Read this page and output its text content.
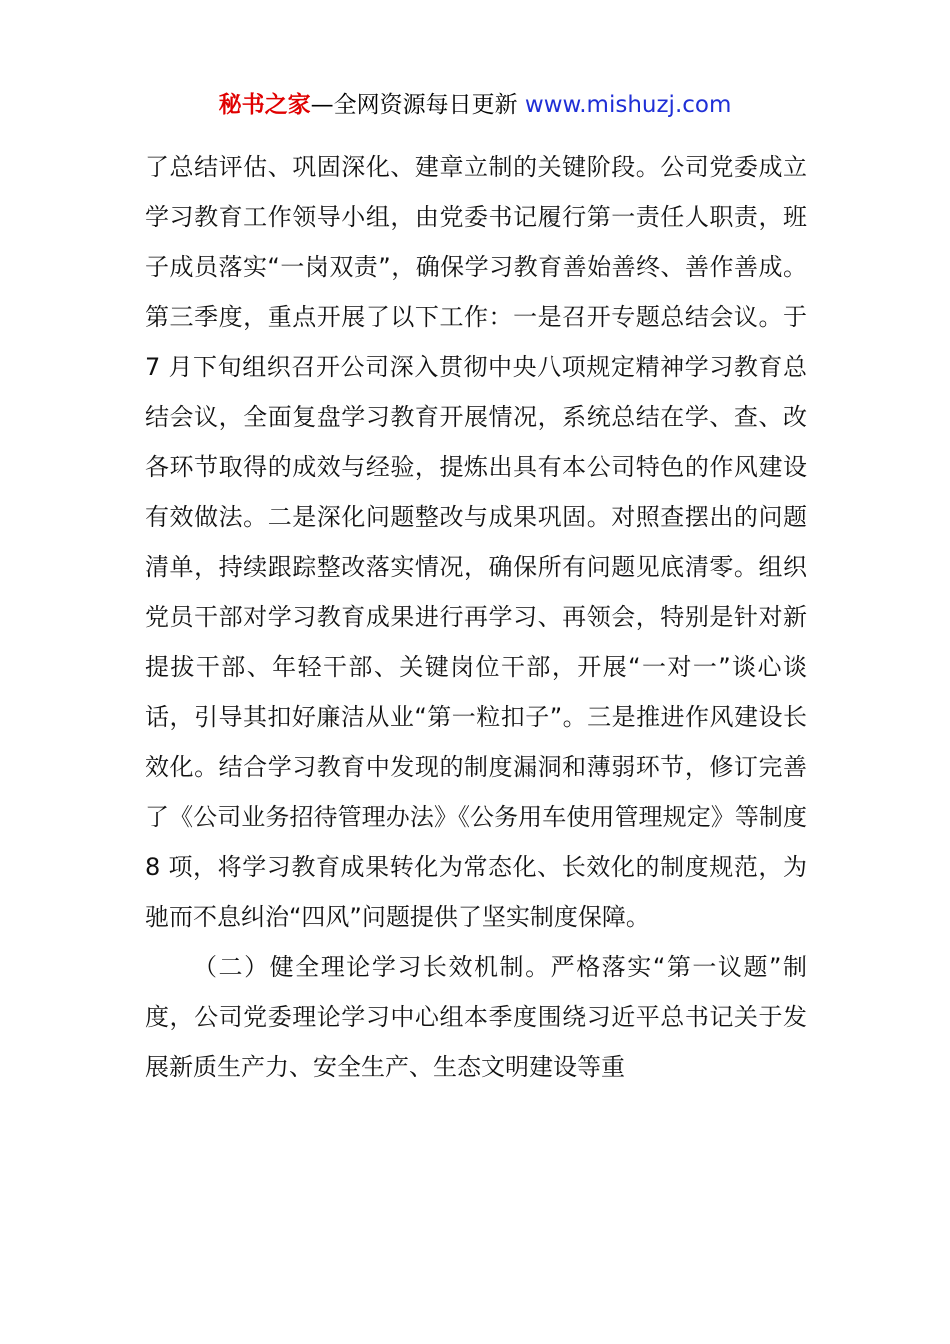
秘书之家—全网资源每日更新 www.mishuzj.com

了总结评估、巩固深化、建章立制的关键阶段。公司党委成立学习教育工作领导小组，由党委书记履行第一责任人职责，班子成员落实“一岗双责”，确保学习教育善始善终、善作善成。第三季度，重点开展了以下工作：一是召开专题总结会议。于 7 月下旬组织召开公司深入贯彻中央八项规定精神学习教育总结会议，全面复盘学习教育开展情况，系统总结在学、查、改各环节取得的成效与经验，提炼出具有本公司特色的作风建设有效做法。二是深化问题整改与成果巩固。对照查摆出的问题清单，持续跟踪整改落实情况，确保所有问题见底清零。组织党员干部对学习教育成果进行再学习、再领会，特别是针对新提拔干部、年轻干部、关键岗位干部，开展“一对一”谈心谈话，引导其扣好廉洁从业“第一粒扣子”。三是推进作风建设长效化。结合学习教育中发现的制度漏洞和薄弱环节，修订完善了《公司业务招待管理办法》《公务用车使用管理规定》等制度 8 项，将学习教育成果转化为常态化、长效化的制度规范，为驰而不息纠治“四风”问题提供了坚实制度保障。

（二）健全理论学习长效机制。严格落实“第一议题”制度，公司党委理论学习中心组本季度围绕习近平总书记关于发展新质生产力、安全生产、生态文明建设等重
